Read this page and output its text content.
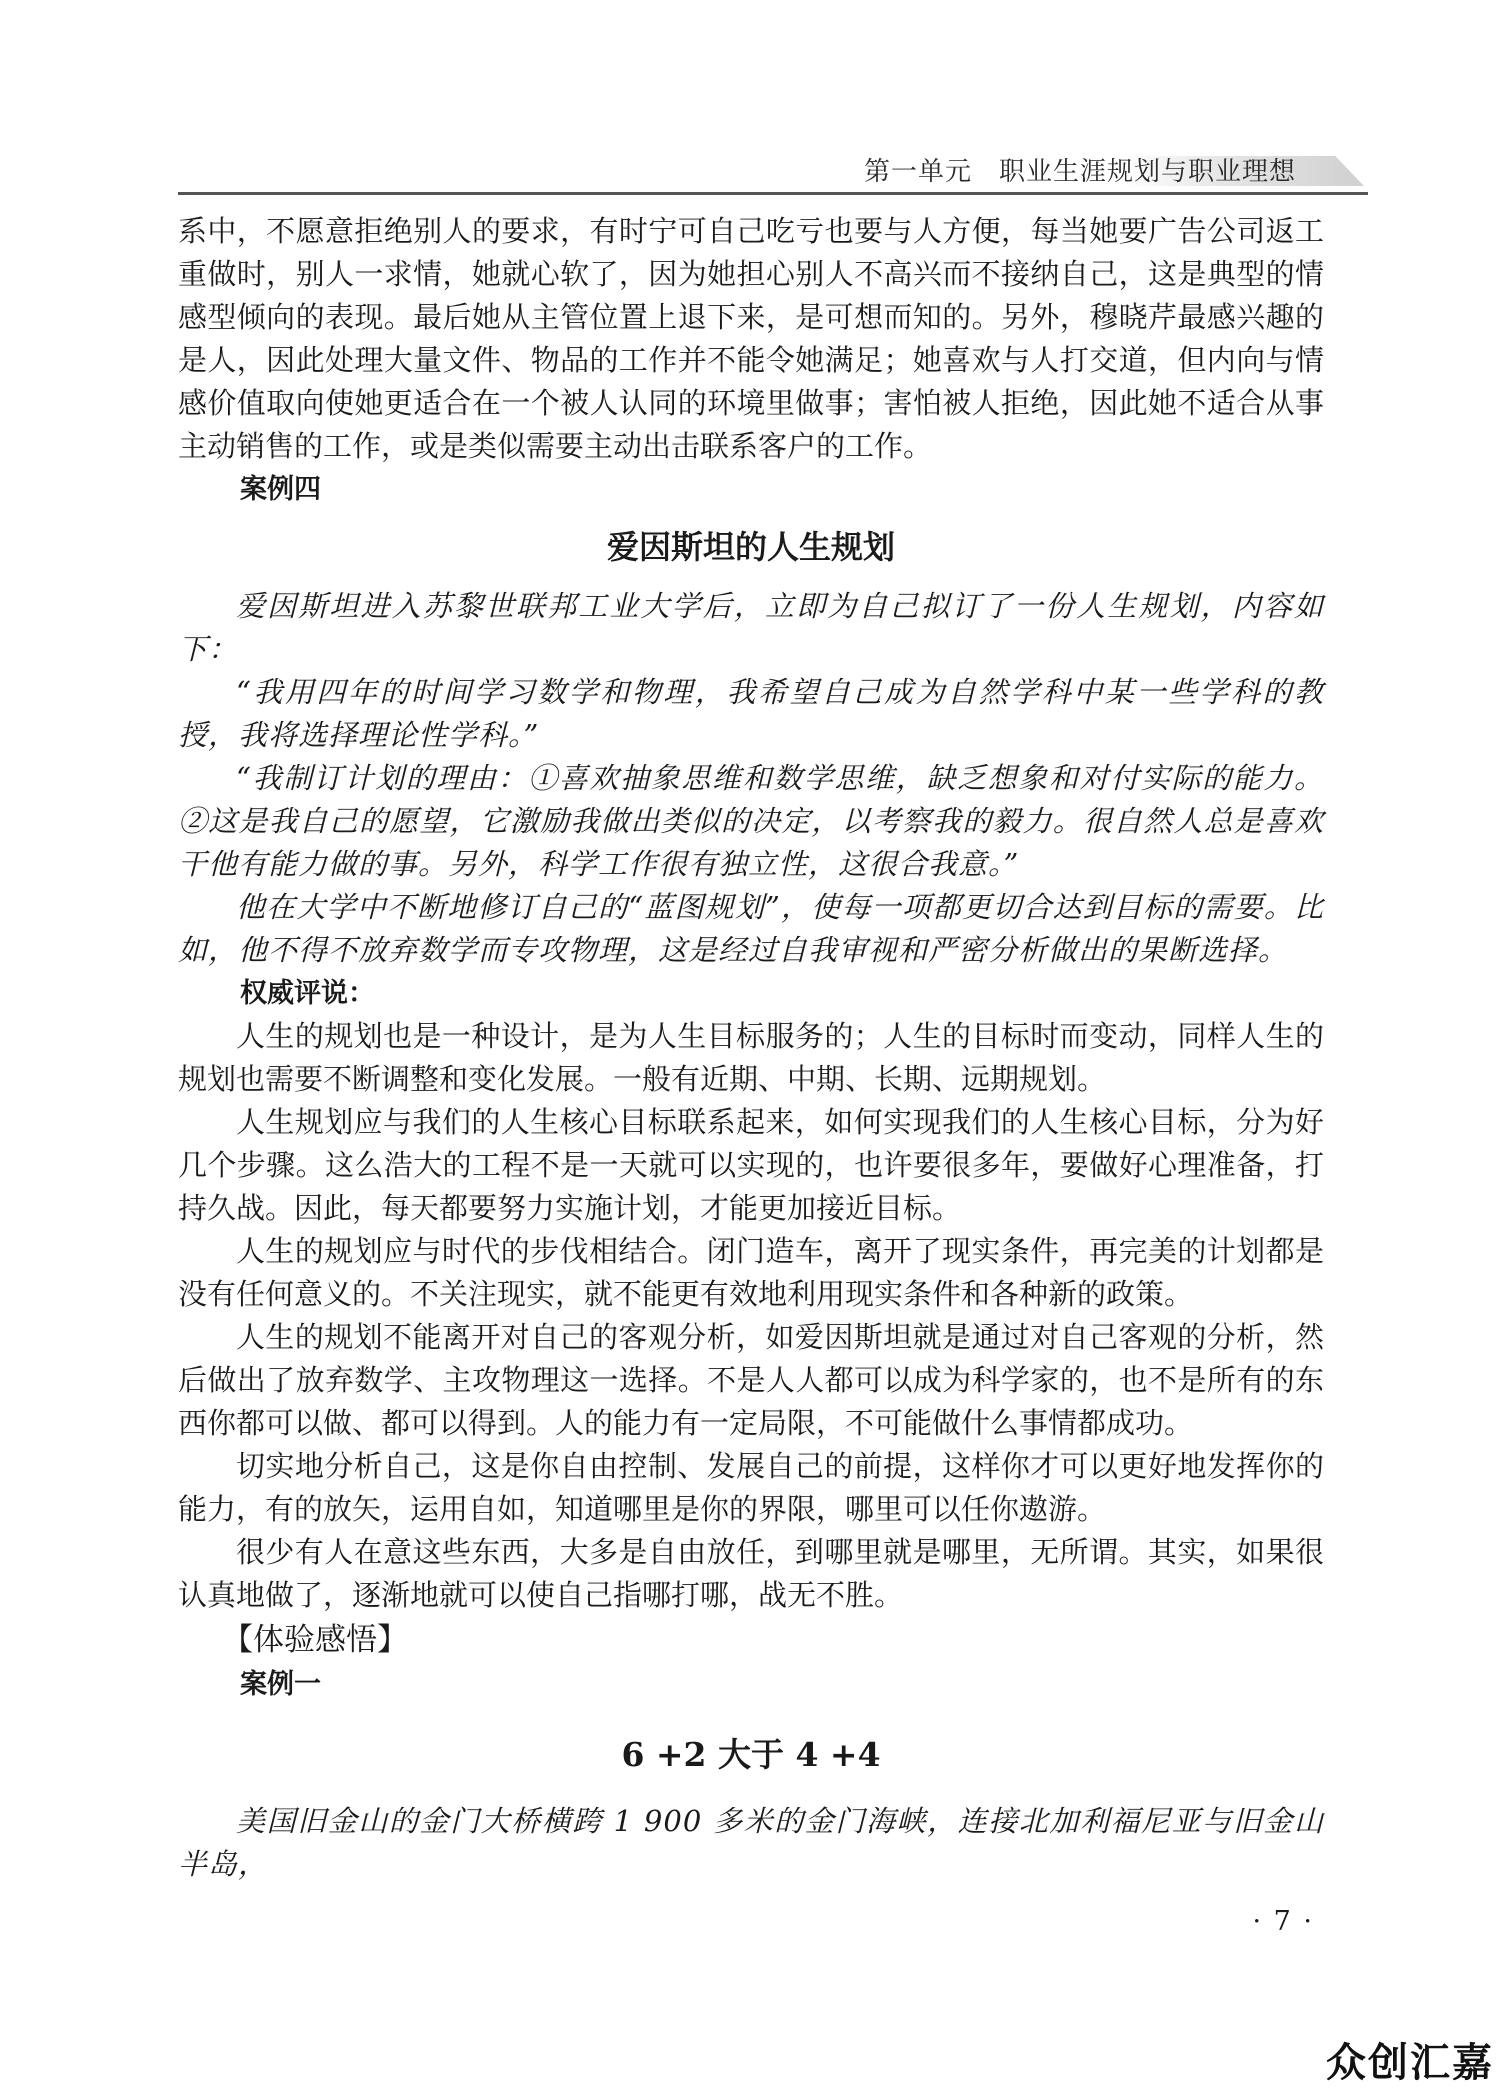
第一单元　职业生涯规划与职业理想

系中，不愿意拒绝别人的要求，有时宁可自己吃亏也要与人方便，每当她要广告公司返工重做时，别人一求情，她就心软了，因为她担心别人不高兴而不接纳自己，这是典型的情感型倾向的表现。最后她从主管位置上退下来，是可想而知的。另外，穆晓芹最感兴趣的是人，因此处理大量文件、物品的工作并不能令她满足；她喜欢与人打交道，但内向与情感价值取向使她更适合在一个被人认同的环境里做事；害怕被人拒绝，因此她不适合从事主动销售的工作，或是类似需要主动出击联系客户的工作。

案例四
爱因斯坦的人生规划

爱因斯坦进入苏黎世联邦工业大学后，立即为自己拟订了一份人生规划，内容如下：

“我用四年的时间学习数学和物理，我希望自己成为自然学科中某一些学科的教授，我将选择理论性学科。”

“我制订计划的理由：①喜欢抽象思维和数学思维，缺乏想象和对付实际的能力。②这是我自己的愿望，它激励我做出类似的决定，以考察我的毅力。很自然人总是喜欢干他有能力做的事。另外，科学工作很有独立性，这很合我意。”

他在大学中不断地修订自己的“蓝图规划”，使每一项都更切合达到目标的需要。比如，他不得不放弃数学而专攻物理，这是经过自我审视和严密分析做出的果断选择。

权威评说：

人生的规划也是一种设计，是为人生目标服务的；人生的目标时而变动，同样人生的规划也需要不断调整和变化发展。一般有近期、中期、长期、远期规划。

人生规划应与我们的人生核心目标联系起来，如何实现我们的人生核心目标，分为好几个步骤。这么浩大的工程不是一天就可以实现的，也许要很多年，要做好心理准备，打持久战。因此，每天都要努力实施计划，才能更加接近目标。

人生的规划应与时代的步伐相结合。闭门造车，离开了现实条件，再完美的计划都是没有任何意义的。不关注现实，就不能更有效地利用现实条件和各种新的政策。

人生的规划不能离开对自己的客观分析，如爱因斯坦就是通过对自己客观的分析，然后做出了放弃数学、主攻物理这一选择。不是人人都可以成为科学家的，也不是所有的东西你都可以做、都可以得到。人的能力有一定局限，不可能做什么事情都成功。

切实地分析自己，这是你自由控制、发展自己的前提，这样你才可以更好地发挥你的能力，有的放矢，运用自如，知道哪里是你的界限，哪里可以任你遨游。

很少有人在意这些东西，大多是自由放任，到哪里就是哪里，无所谓。其实，如果很认真地做了，逐渐地就可以使自己指哪打哪，战无不胜。

【体验感悟】
案例一
6 +2 大于 4 +4

美国旧金山的金门大桥横跨 1 900 多米的金门海峡，连接北加利福尼亚与旧金山半岛，

· 7 ·
众创汇嘉
